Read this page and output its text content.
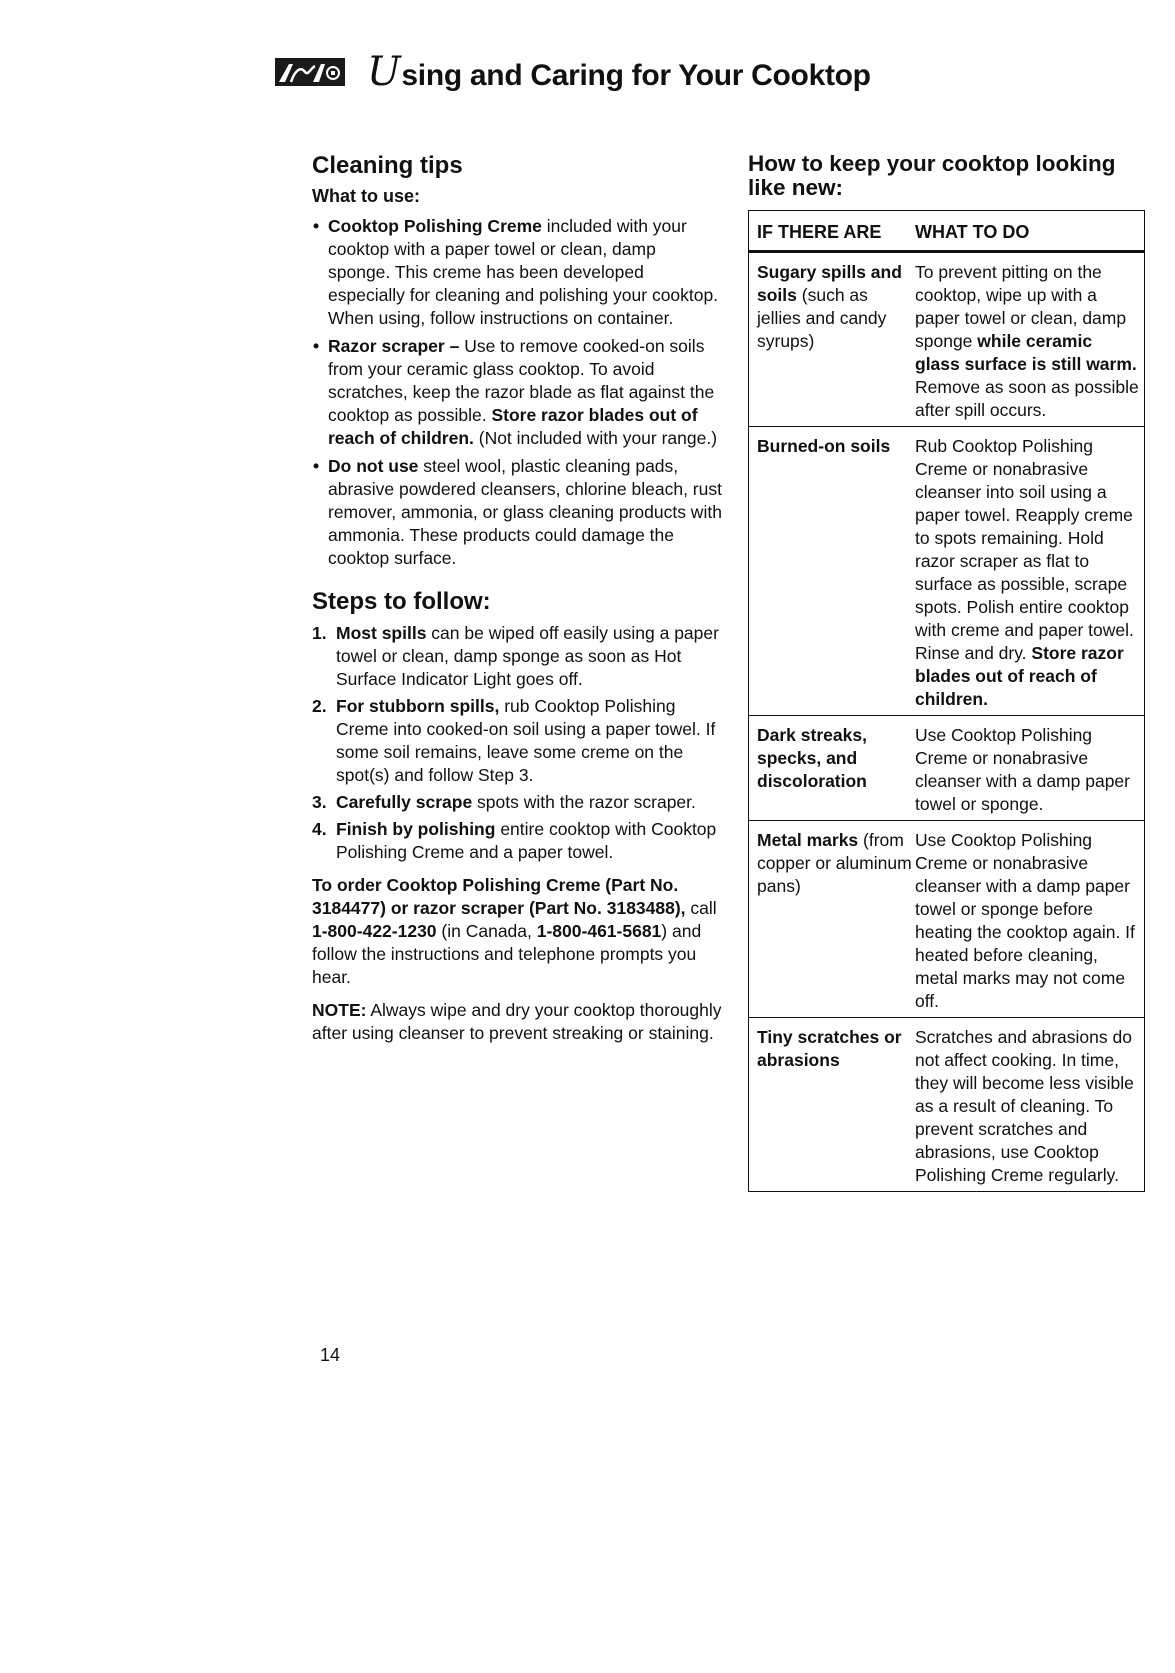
Using and Caring for Your Cooktop
Cleaning tips
What to use:
• Cooktop Polishing Creme included with your cooktop with a paper towel or clean, damp sponge. This creme has been developed especially for cleaning and polishing your cooktop. When using, follow instructions on container.
• Razor scraper – Use to remove cooked-on soils from your ceramic glass cooktop. To avoid scratches, keep the razor blade as flat against the cooktop as possible. Store razor blades out of reach of children. (Not included with your range.)
• Do not use steel wool, plastic cleaning pads, abrasive powdered cleansers, chlorine bleach, rust remover, ammonia, or glass cleaning products with ammonia. These products could damage the cooktop surface.
Steps to follow:
1. Most spills can be wiped off easily using a paper towel or clean, damp sponge as soon as Hot Surface Indicator Light goes off.
2. For stubborn spills, rub Cooktop Polishing Creme into cooked-on soil using a paper towel. If some soil remains, leave some creme on the spot(s) and follow Step 3.
3. Carefully scrape spots with the razor scraper.
4. Finish by polishing entire cooktop with Cooktop Polishing Creme and a paper towel.

To order Cooktop Polishing Creme (Part No. 3184477) or razor scraper (Part No. 3183488), call 1-800-422-1230 (in Canada, 1-800-461-5681) and follow the instructions and telephone prompts you hear.

NOTE: Always wipe and dry your cooktop thoroughly after using cleanser to prevent streaking or staining.

14
How to keep your cooktop looking like new:
IF THERE ARE	WHAT TO DO
Sugary spills and soils (such as jellies and candy syrups)
To prevent pitting on the cooktop, wipe up with a paper towel or clean, damp sponge while ceramic glass surface is still warm. Remove as soon as possible after spill occurs.
Burned-on soils	Rub Cooktop Polishing Creme or nonabrasive cleanser into soil using a paper towel. Reapply creme to spots remaining. Hold razor scraper as flat to surface as possible, scrape spots. Polish entire cooktop with creme and paper towel. Rinse and dry. Store razor blades out of reach of children.
Dark streaks, specks, and discoloration
Use Cooktop Polishing Creme or nonabrasive cleanser with a damp paper towel or sponge.
Metal marks (from copper or aluminum pans)
Use Cooktop Polishing Creme or nonabrasive cleanser with a damp paper towel or sponge before heating the cooktop again. If heated before cleaning, metal marks may not come off.
Tiny scratches or abrasions
Scratches and abrasions do not affect cooking. In time, they will become less visible as a result of cleaning. To prevent scratches and abrasions, use Cooktop Polishing Creme regularly.
